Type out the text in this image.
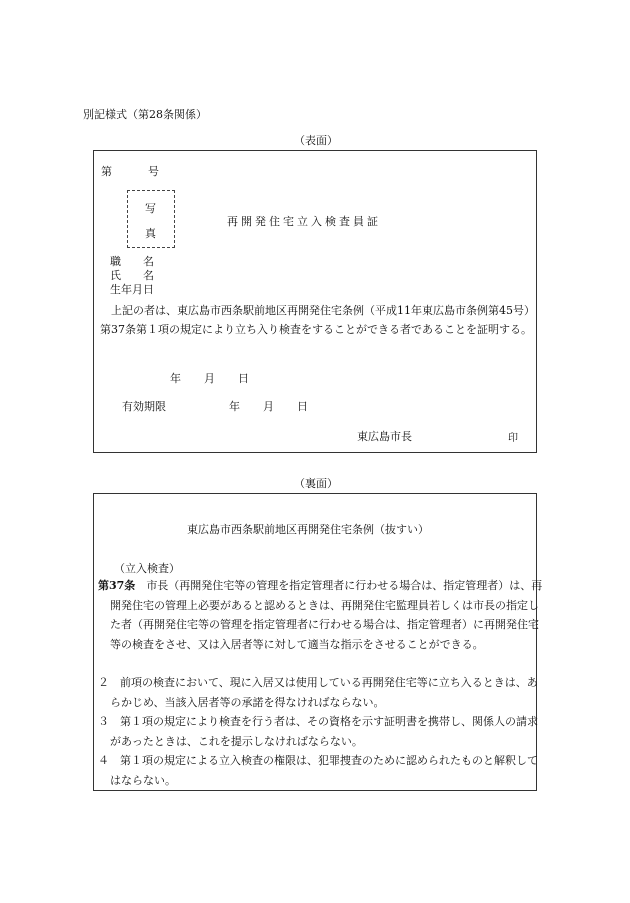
別記様式（第28条関係）
（表面）
第	号
写
真
再開発住宅立入検査員証
職　　名
氏　　名
生年月日
上記の者は、東広島市西条駅前地区再開発住宅条例（平成11年東広島市条例第45号）第37条第１項の規定により立ち入り検査をすることができる者であることを証明する。
年 月 日
有効期限	年 月 日
東広島市長	印
（裏面）
東広島市西条駅前地区再開発住宅条例（抜すい）
（立入検査）
第37条　 市長（再開発住宅等の管理を指定管理者に行わせる場合は、指定管理者）は、再開発住宅の管理上必要があると認めるときは、再開発住宅監理員若しくは市長の指定した者（再開発住宅等の管理を指定管理者に行わせる場合は、指定管理者）に再開発住宅等の検査をさせ、又は入居者等に対して適当な指示をさせることができる。
２　 前項の検査において、現に入居又は使用している再開発住宅等に立ち入るときは、あらかじめ、当該入居者等の承諾を得なければならない。
３　 第１項の規定により検査を行う者は、その資格を示す証明書を携帯し、関係人の請求があったときは、これを提示しなければならない。
４　 第１項の規定による立入検査の権限は、犯罪捜査のために認められたものと解釈してはならない。
